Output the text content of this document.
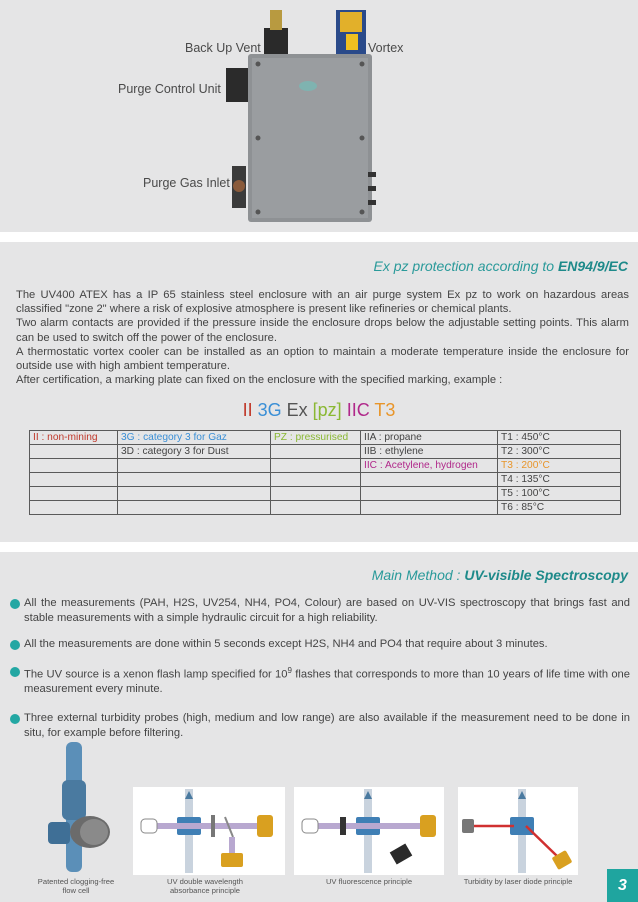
Back Up Vent	Vortex
Purge Control Unit
Purge Gas Inlet
Ex pz protection according to EN94/9/EC

The UV400 ATEX has a IP 65 stainless steel enclosure with an air purge system Ex pz to work on hazardous areas classified "zone 2" where a risk of explosive atmosphere is present like refineries or chemical plants.

Two alarm contacts are provided if the pressure inside the enclosure drops below the adjustable setting points. This alarm can be used to switch off the power of the enclosure.

A thermostatic vortex cooler can be installed as an option to maintain a moderate temperature inside the enclosure for outside use with high ambient temperature.

After certification, a marking plate can fixed on the enclosure with the specified marking, example :

II 3G Ex [pz] IIC T3
II : non-mining	3G : category 3 for Gaz	PZ : pressurised	IIA : propane	T1 : 450°C
	3D : category 3 for Dust		IIB : ethylene	T2 : 300°C
			IIC : Acetylene, hydrogen	T3 : 200°C
				T4 : 135°C
				T5 : 100°C
				T6 : 85°C
Main Method : UV-visible Spectroscopy
All the measurements (PAH, H2S, UV254, NH4, PO4, Colour) are based on UV-VIS spectroscopy that brings fast and stable measurements with a simple hydraulic circuit for a high reliability.
All the measurements are done within 5 seconds except H2S, NH4 and PO4 that require about 3 minutes.
The UV source is a xenon flash lamp specified for $10^9$ flashes that corresponds to more than 10 years of life time with one measurement every minute.
Three external turbidity probes (high, medium and low range) are also available if the measurement need to be done in situ, for example before filtering.
Patented clogging-free flow cell
UV double wavelength absorbance principle
UV fluorescence principle	Turbidity by laser diode principle	3
